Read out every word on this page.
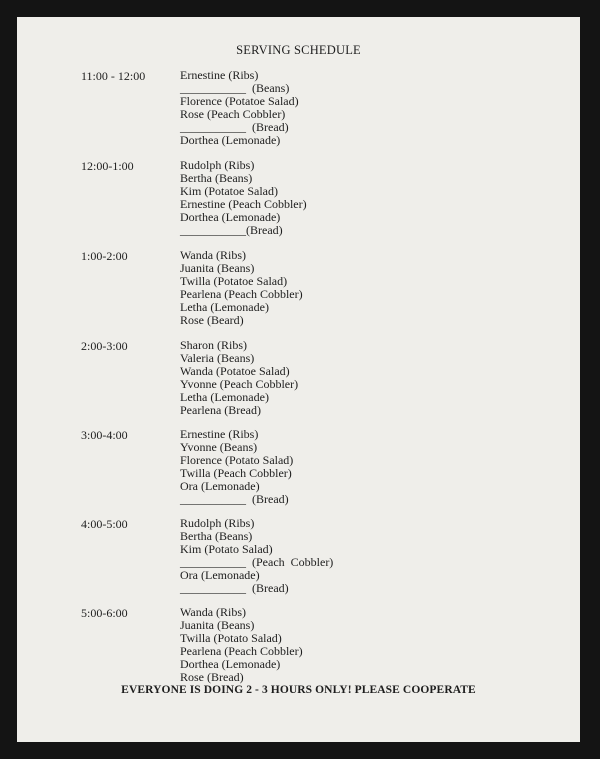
SERVING SCHEDULE
11:00 - 12:00	Ernestine (Ribs)
___________  (Beans)
Florence (Potatoe Salad)
Rose (Peach Cobbler)
___________  (Bread)
Dorthea (Lemonade)
12:00-1:00	Rudolph (Ribs)
Bertha (Beans)
Kim (Potatoe Salad)
Ernestine (Peach Cobbler)
Dorthea (Lemonade)
___________(Bread)
1:00-2:00	Wanda (Ribs)
Juanita (Beans)
Twilla (Potatoe Salad)
Pearlena (Peach Cobbler)
Letha (Lemonade)
Rose (Beard)
2:00-3:00	Sharon (Ribs)
Valeria (Beans)
Wanda (Potatoe Salad)
Yvonne (Peach Cobbler)
Letha (Lemonade)
Pearlena (Bread)
3:00-4:00	Ernestine (Ribs)
Yvonne (Beans)
Florence (Potato Salad)
Twilla (Peach Cobbler)
Ora (Lemonade)
___________  (Bread)
4:00-5:00	Rudolph (Ribs)
Bertha (Beans)
Kim (Potato Salad)
___________  (Peach  Cobbler)
Ora (Lemonade)
___________  (Bread)
5:00-6:00	Wanda (Ribs)
Juanita (Beans)
Twilla (Potato Salad)
Pearlena (Peach Cobbler)
Dorthea (Lemonade)
Rose (Bread)
EVERYONE IS DOING 2 - 3 HOURS ONLY! PLEASE COOPERATE
